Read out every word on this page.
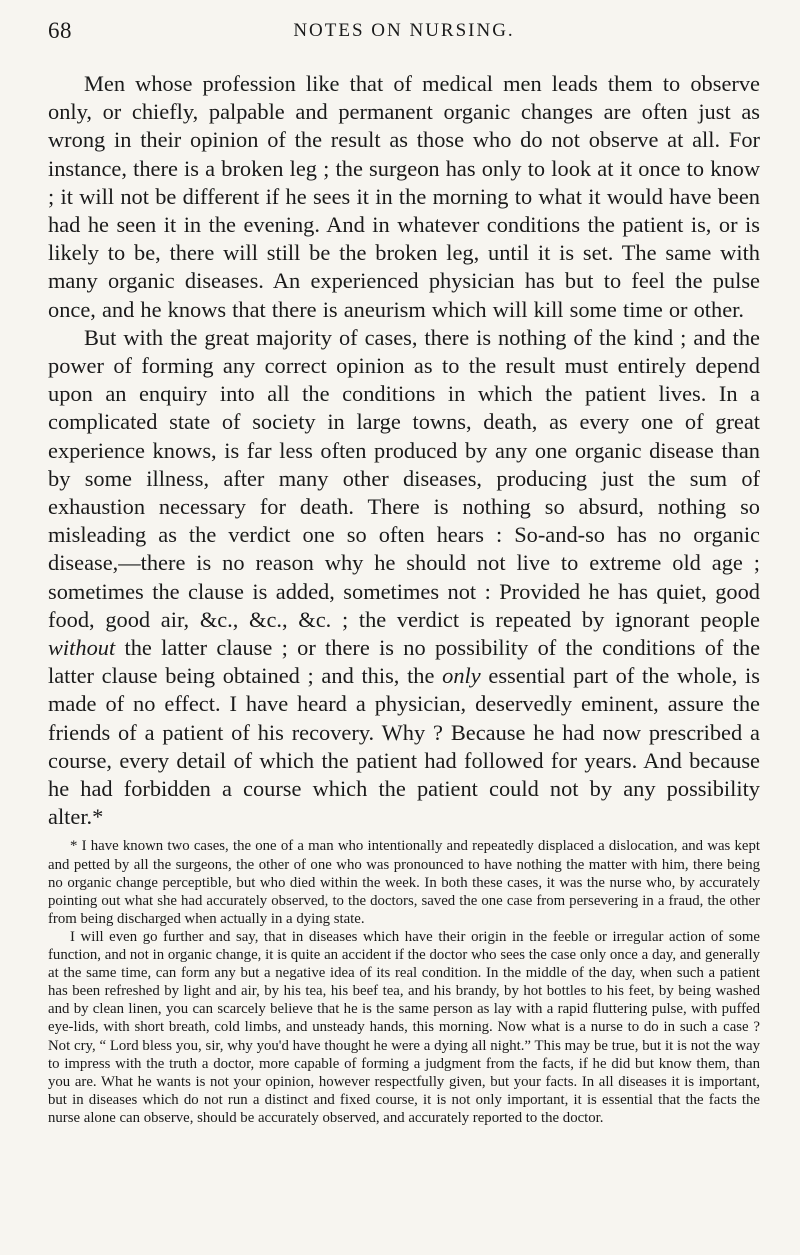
68	NOTES ON NURSING.

Men whose profession like that of medical men leads them to observe only, or chiefly, palpable and permanent organic changes are often just as wrong in their opinion of the result as those who do not observe at all. For instance, there is a broken leg ; the surgeon has only to look at it once to know ; it will not be different if he sees it in the morning to what it would have been had he seen it in the evening. And in whatever conditions the patient is, or is likely to be, there will still be the broken leg, until it is set. The same with many organic diseases. An experienced physician has but to feel the pulse once, and he knows that there is aneurism which will kill some time or other.

But with the great majority of cases, there is nothing of the kind ; and the power of forming any correct opinion as to the result must entirely depend upon an enquiry into all the conditions in which the patient lives. In a complicated state of society in large towns, death, as every one of great experience knows, is far less often produced by any one organic disease than by some illness, after many other diseases, producing just the sum of exhaustion necessary for death. There is nothing so absurd, nothing so misleading as the verdict one so often hears : So-and-so has no organic disease,—there is no reason why he should not live to extreme old age ; sometimes the clause is added, sometimes not : Provided he has quiet, good food, good air, &c., &c., &c. ; the verdict is repeated by ignorant people without the latter clause ; or there is no possibility of the conditions of the latter clause being obtained ; and this, the only essential part of the whole, is made of no effect. I have heard a physician, deservedly eminent, assure the friends of a patient of his recovery. Why ? Because he had now prescribed a course, every detail of which the patient had followed for years. And because he had forbidden a course which the patient could not by any possibility alter.*

* I have known two cases, the one of a man who intentionally and repeatedly displaced a dislocation, and was kept and petted by all the surgeons, the other of one who was pronounced to have nothing the matter with him, there being no organic change perceptible, but who died within the week. In both these cases, it was the nurse who, by accurately pointing out what she had accurately observed, to the doctors, saved the one case from persevering in a fraud, the other from being discharged when actually in a dying state.

I will even go further and say, that in diseases which have their origin in the feeble or irregular action of some function, and not in organic change, it is quite an accident if the doctor who sees the case only once a day, and generally at the same time, can form any but a negative idea of its real condition. In the middle of the day, when such a patient has been refreshed by light and air, by his tea, his beef tea, and his brandy, by hot bottles to his feet, by being washed and by clean linen, you can scarcely believe that he is the same person as lay with a rapid fluttering pulse, with puffed eye-lids, with short breath, cold limbs, and unsteady hands, this morning. Now what is a nurse to do in such a case ? Not cry, “ Lord bless you, sir, why you'd have thought he were a dying all night.” This may be true, but it is not the way to impress with the truth a doctor, more capable of forming a judgment from the facts, if he did but know them, than you are. What he wants is not your opinion, however respectfully given, but your facts. In all diseases it is important, but in diseases which do not run a distinct and fixed course, it is not only important, it is essential that the facts the nurse alone can observe, should be accurately observed, and accurately reported to the doctor.
